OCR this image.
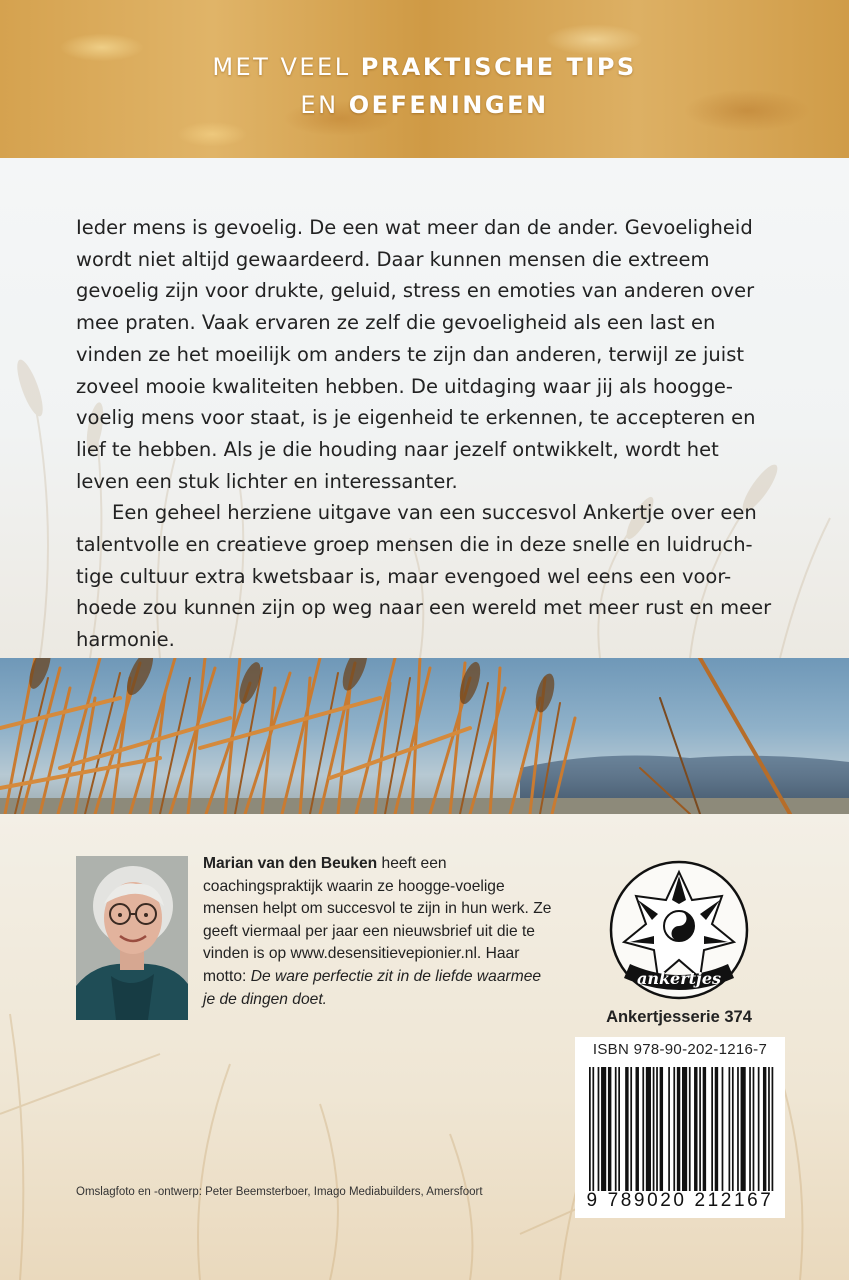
MET VEEL PRAKTISCHE TIPS
EN OEFENINGEN

Ieder mens is gevoelig. De een wat meer dan de ander. Gevoeligheid wordt niet altijd gewaardeerd. Daar kunnen mensen die extreem gevoelig zijn voor drukte, geluid, stress en emoties van anderen over mee praten. Vaak ervaren ze zelf die gevoeligheid als een last en vinden ze het moeilijk om anders te zijn dan anderen, terwijl ze juist zoveel mooie kwaliteiten hebben. De uitdaging waar jij als hoogge-voelig mens voor staat, is je eigenheid te erkennen, te accepteren en lief te hebben. Als je die houding naar jezelf ontwikkelt, wordt het leven een stuk lichter en interessanter.

Een geheel herziene uitgave van een succesvol Ankertje over een talentvolle en creatieve groep mensen die in deze snelle en luidruch-tige cultuur extra kwetsbaar is, maar evengoed wel eens een voor-hoede zou kunnen zijn op weg naar een wereld met meer rust en meer harmonie.

Marian van den Beuken heeft een coachingspraktijk waarin ze hoogge-voelige mensen helpt om succesvol te zijn in hun werk. Ze geeft viermaal per jaar een nieuwsbrief uit die te vinden is op www.desensitievepionier.nl. Haar motto: De ware perfectie zit in de liefde waarmee je de dingen doet.
ankertjes
Ankertjesserie 374
ISBN 978-90-202-1216-7
9 789020 212167
Omslagfoto en -ontwerp: Peter Beemsterboer, Imago Mediabuilders, Amersfoort
